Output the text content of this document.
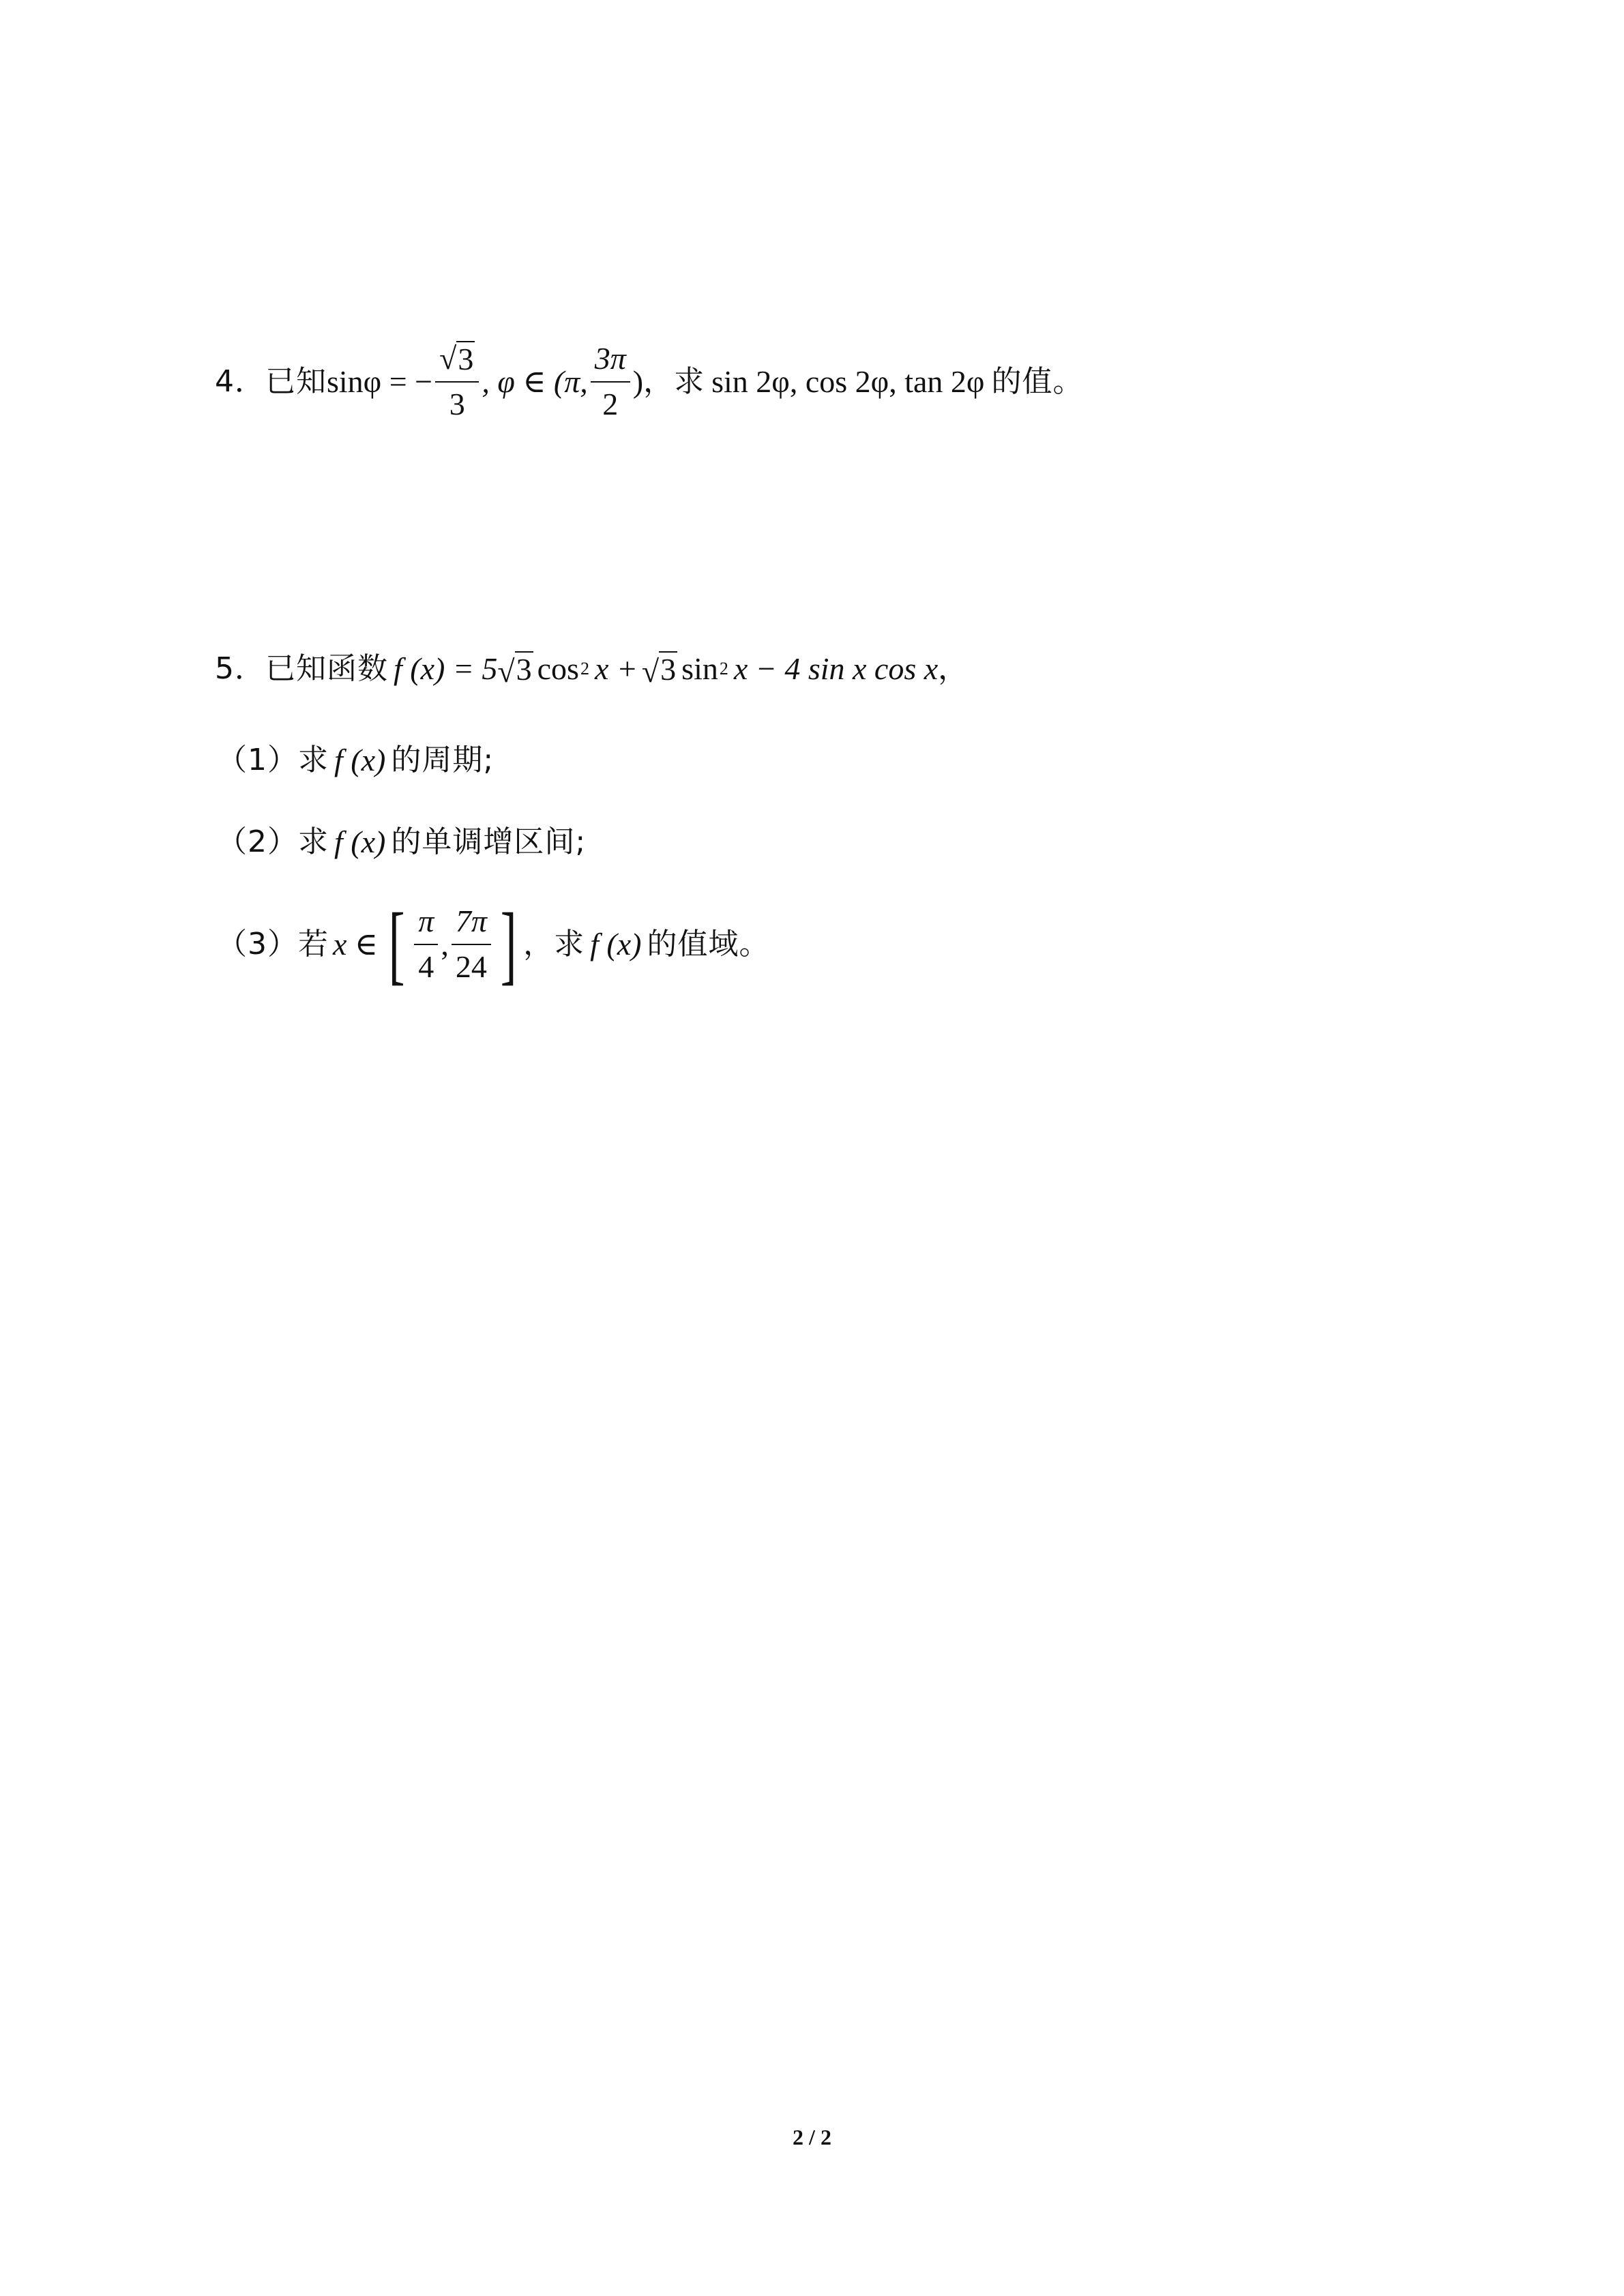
4． 已知 sinφ = − $\frac{√ 3}{3}$ , φ ∈ (π, $\frac{3\pi}{2}$ ) ，求 sin 2φ, cos 2φ, tan 2φ 的值。
5． 已知函数 f (x) = 5 √ 3 cos 2 x + √ 3 sin 2 x − 4 sin x cos x ，
（1）求 f (x) 的周期;
（2）求 f (x) 的单调增区间;
（3）若 x ∈ [ $\frac{\pi}{4}$ , $\frac{7\pi}{24}$ ] ，求 f (x) 的值域。
2 / 2
